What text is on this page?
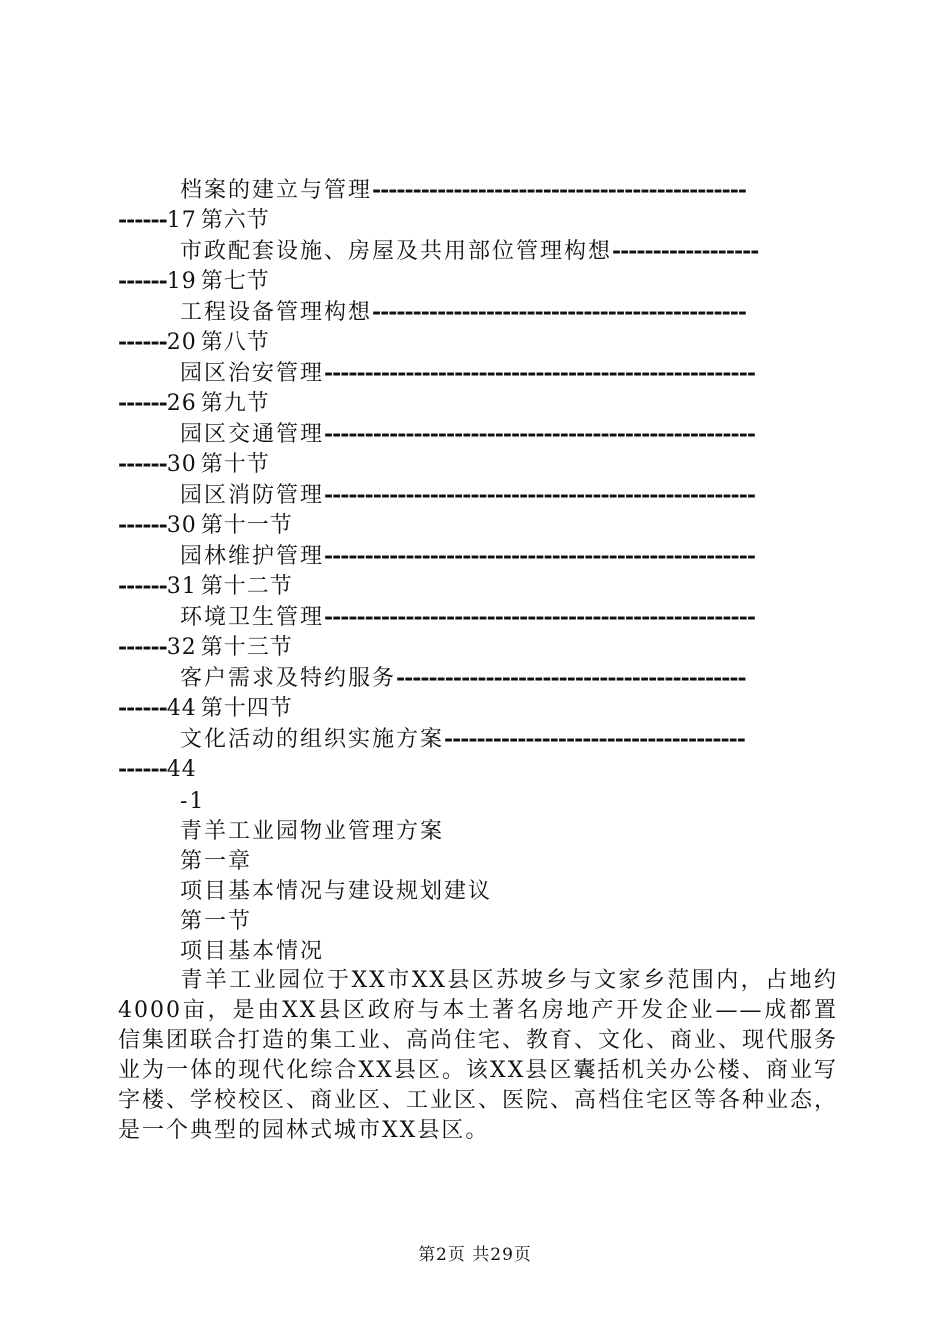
档案的建立与管理----------------------------------------------
------17 第六节
市政配套设施、房屋及共用部位管理构想------------------
------19 第七节
工程设备管理构想----------------------------------------------
------20 第八节
园区治安管理-----------------------------------------------------
------26 第九节
园区交通管理-----------------------------------------------------
------30 第十节
园区消防管理-----------------------------------------------------
------30 第十一节
园林维护管理-----------------------------------------------------
------31 第十二节
环境卫生管理-----------------------------------------------------
------32 第十三节
客户需求及特约服务-------------------------------------------
------44 第十四节
文化活动的组织实施方案-------------------------------------
------44
-1
青羊工业园物业管理方案
第一章
项目基本情况与建设规划建议
第一节
项目基本情况
青羊工业园位于XX市XX县区苏坡乡与文家乡范围内，占地约4000亩，是由XX县区政府与本土著名房地产开发企业——成都置信集团联合打造的集工业、高尚住宅、教育、文化、商业、现代服务业为一体的现代化综合XX县区。该XX县区囊括机关办公楼、商业写字楼、学校校区、商业区、工业区、医院、高档住宅区等各种业态，是一个典型的园林式城市XX县区。
第2页 共29页
